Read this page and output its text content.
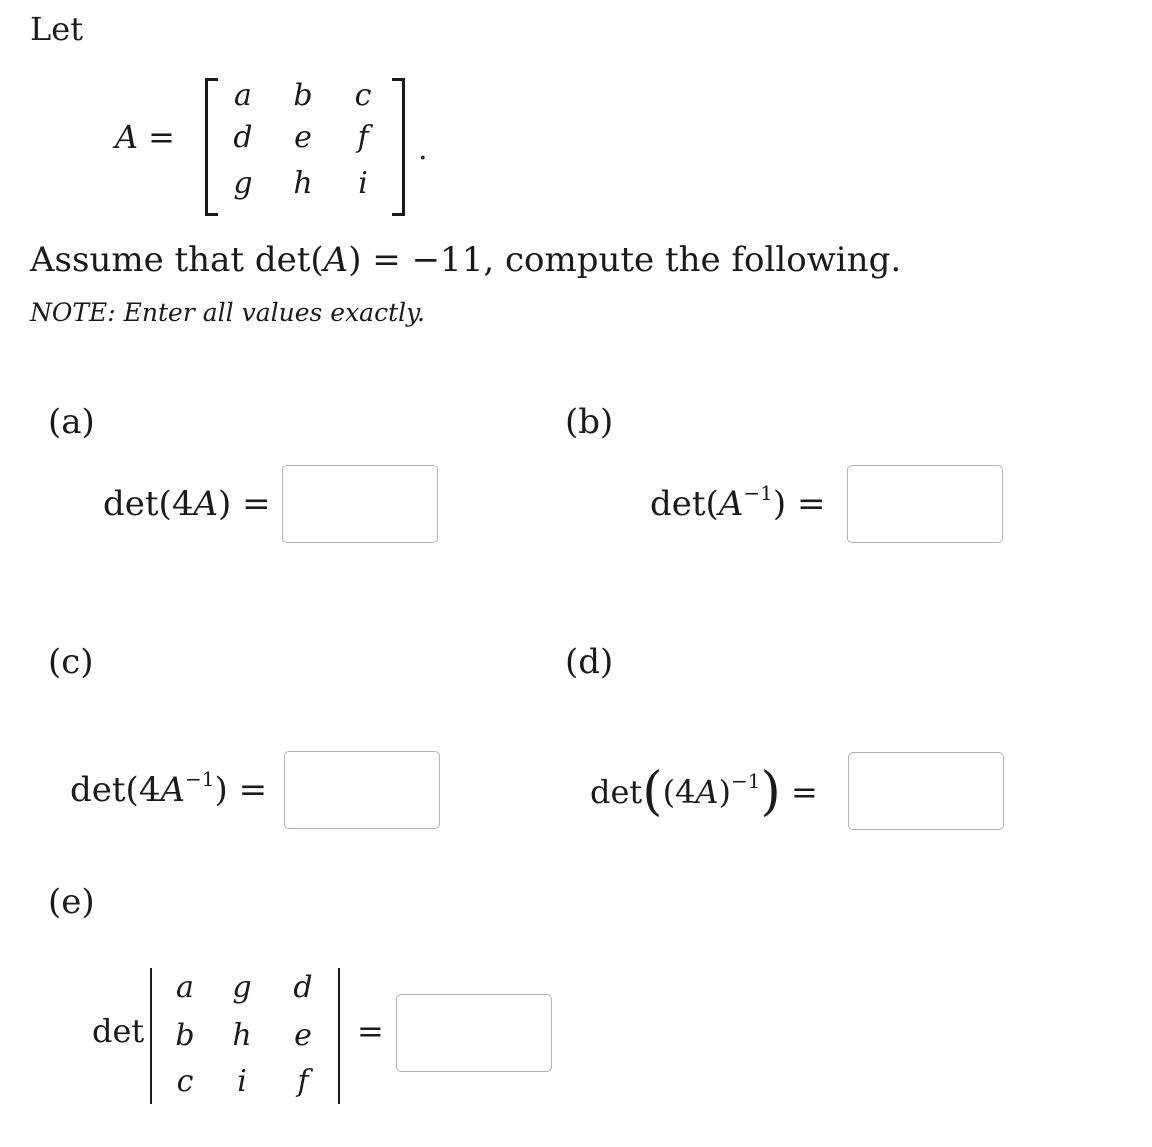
Let
A =
a	b	c
d	e	f
g	h	i
.
Assume that det(A) = −11, compute the following.
NOTE: Enter all values exactly.
(a)
det(4A) =
(b)
$\det(A^{-1})$ =
(c)
$\det(4A^{-1})$ =
(d)
$\det((4A)^{-1})$ =
(e)
det
a	g	d
b	h	e
c	i	f
=
